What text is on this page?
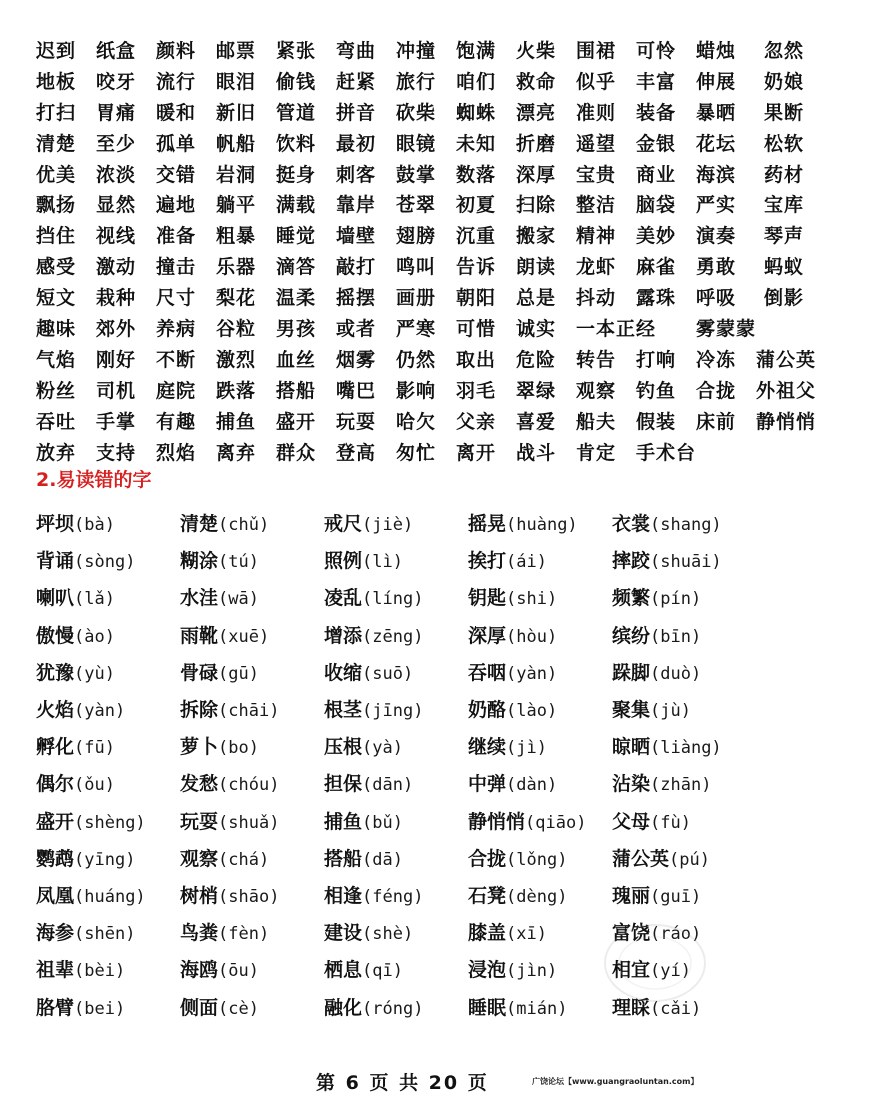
迟到	纸盒	颜料	邮票	紧张	弯曲	冲撞	饱满	火柴	围裙	可怜	蜡烛	忽然
地板	咬牙	流行	眼泪	偷钱	赶紧	旅行	咱们	救命	似乎	丰富	伸展	奶娘
打扫	胃痛	暖和	新旧	管道	拼音	砍柴	蜘蛛	漂亮	准则	装备	暴晒	果断
清楚	至少	孤单	帆船	饮料	最初	眼镜	未知	折磨	遥望	金银	花坛	松软
优美	浓淡	交错	岩洞	挺身	刺客	鼓掌	数落	深厚	宝贵	商业	海滨	药材
飘扬	显然	遍地	躺平	满载	靠岸	苍翠	初夏	扫除	整洁	脑袋	严实	宝库
挡住	视线	准备	粗暴	睡觉	墙壁	翅膀	沉重	搬家	精神	美妙	演奏	琴声
感受	激动	撞击	乐器	滴答	敲打	鸣叫	告诉	朗读	龙虾	麻雀	勇敢	蚂蚁
短文	栽种	尺寸	梨花	温柔	摇摆	画册	朝阳	总是	抖动	露珠	呼吸	倒影
趣味	郊外	养病	谷粒	男孩	或者	严寒	可惜	诚实	一本正经	雾蒙蒙
气焰	刚好	不断	激烈	血丝	烟雾	仍然	取出	危险	转告	打响	冷冻	蒲公英
粉丝	司机	庭院	跌落	搭船	嘴巴	影响	羽毛	翠绿	观察	钓鱼	合拢	外祖父
吞吐	手掌	有趣	捕鱼	盛开	玩耍	哈欠	父亲	喜爱	船夫	假装	床前	静悄悄
放弃	支持	烈焰	离弃	群众	登高	匆忙	离开	战斗	肯定	手术台
2.易读错的字
坪坝(bà)	清楚(chǔ)	戒尺(jiè)	摇晃(huàng)	衣裳(shang)
背诵(sòng)	糊涂(tú)	照例(lì)	挨打(ái)	摔跤(shuāi)
喇叭(lǎ)	水洼(wā)	凌乱(líng)	钥匙(shi)	频繁(pín)
傲慢(ào)	雨靴(xuē)	增添(zēng)	深厚(hòu)	缤纷(bīn)
犹豫(yù)	骨碌(gū)	收缩(suō)	吞咽(yàn)	跺脚(duò)
火焰(yàn)	拆除(chāi)	根茎(jīng)	奶酪(lào)	聚集(jù)
孵化(fū)	萝卜(bo)	压根(yà)	继续(jì)	晾晒(liàng)
偶尔(ǒu)	发愁(chóu)	担保(dān)	中弹(dàn)	沾染(zhān)
盛开(shèng)	玩耍(shuǎ)	捕鱼(bǔ)	静悄悄(qiāo)	父母(fù)
鹦鹉(yīng)	观察(chá)	搭船(dā)	合拢(lǒng)	蒲公英(pú)
凤凰(huáng)	树梢(shāo)	相逢(féng)	石凳(dèng)	瑰丽(guī)
海参(shēn)	鸟粪(fèn)	建设(shè)	膝盖(xī)	富饶(ráo)
祖辈(bèi)	海鸥(ōu)	栖息(qī)	浸泡(jìn)	相宜(yí)
胳臂(bei)	侧面(cè)	融化(róng)	睡眠(mián)	理睬(cǎi)
第 6 页 共 20 页	广饶论坛【www.guangraoluntan.com】
